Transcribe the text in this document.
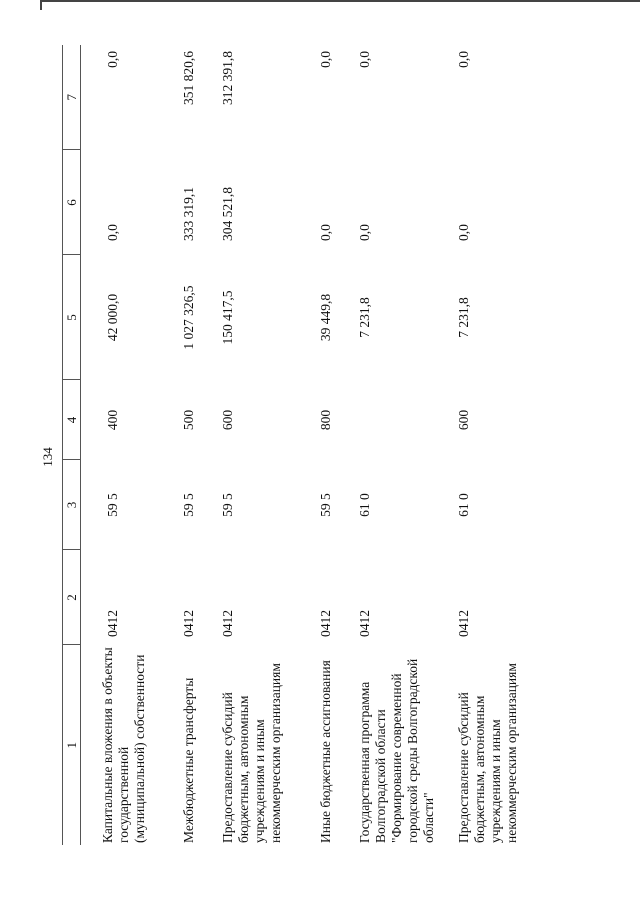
134
1	2	3	4	5	6	7
Капитальные вложения в объекты государственной (муниципальной) собственности	0412	59 5	400	42 000,0	0,0	0,0
Межбюджетные трансферты	0412	59 5	500	1 027 326,5	333 319,1	351 820,6
Предоставление субсидий бюджетным, автономным учреждениям и иным некоммерческим организациям	0412	59 5	600	150 417,5	304 521,8	312 391,8
Иные бюджетные ассигнования	0412	59 5	800	39 449,8	0,0	0,0
Государственная программа Волгоградской области "Формирование современной городской среды Волгоградской области"	0412	61 0		7 231,8	0,0	0,0
Предоставление субсидий бюджетным, автономным учреждениям и иным некоммерческим организациям	0412	61 0	600	7 231,8	0,0	0,0
